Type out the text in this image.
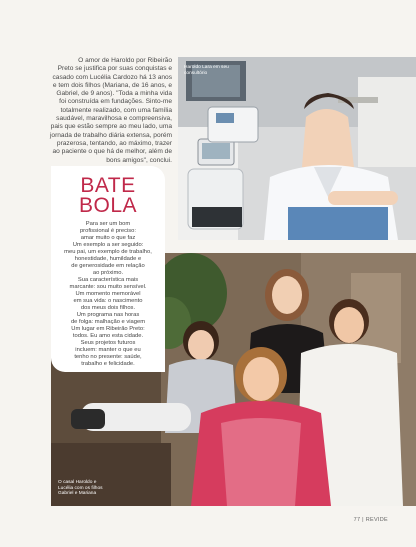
O amor de Haroldo por Ribeirão
Preto se justifica por suas conquistas e
casado com Lucélia Cardozo há 13 anos
e tem dois filhos (Mariana, de 16 anos, e
Gabriel, de 9 anos). "Toda a minha vida
foi construída em fundações. Sinto-me
totalmente realizado, com uma família
saudável, maravilhosa e compreensiva,
pais que estão sempre ao meu lado, uma
jornada de trabalho diária extensa, porém
prazerosa, tentando, ao máximo, trazer
ao paciente o que há de melhor, além de
bons amigos", conclui.
Haroldo Lara em seu consultório
O casal Haroldo e
Lucélia com os filhos
Gabriel e Mariana
BATE
BOLA
Para ser um bom
profissional é preciso:
amar muito o que faz
Um exemplo a ser seguido:
meu pai, um exemplo de trabalho,
honestidade, humildade e
de generosidade em relação
ao próximo.
Sua característica mais
marcante: sou muito sensível.
Um momento memorável
em sua vida: o nascimento
dos meus dois filhos.
Um programa nas horas
de folga: malhação e viagem
Um lugar em Ribeirão Preto:
todos. Eu amo esta cidade.
Seus projetos futuros
incluem: manter o que eu
tenho no presente: saúde,
trabalho e felicidade.
77 | REVIDE
